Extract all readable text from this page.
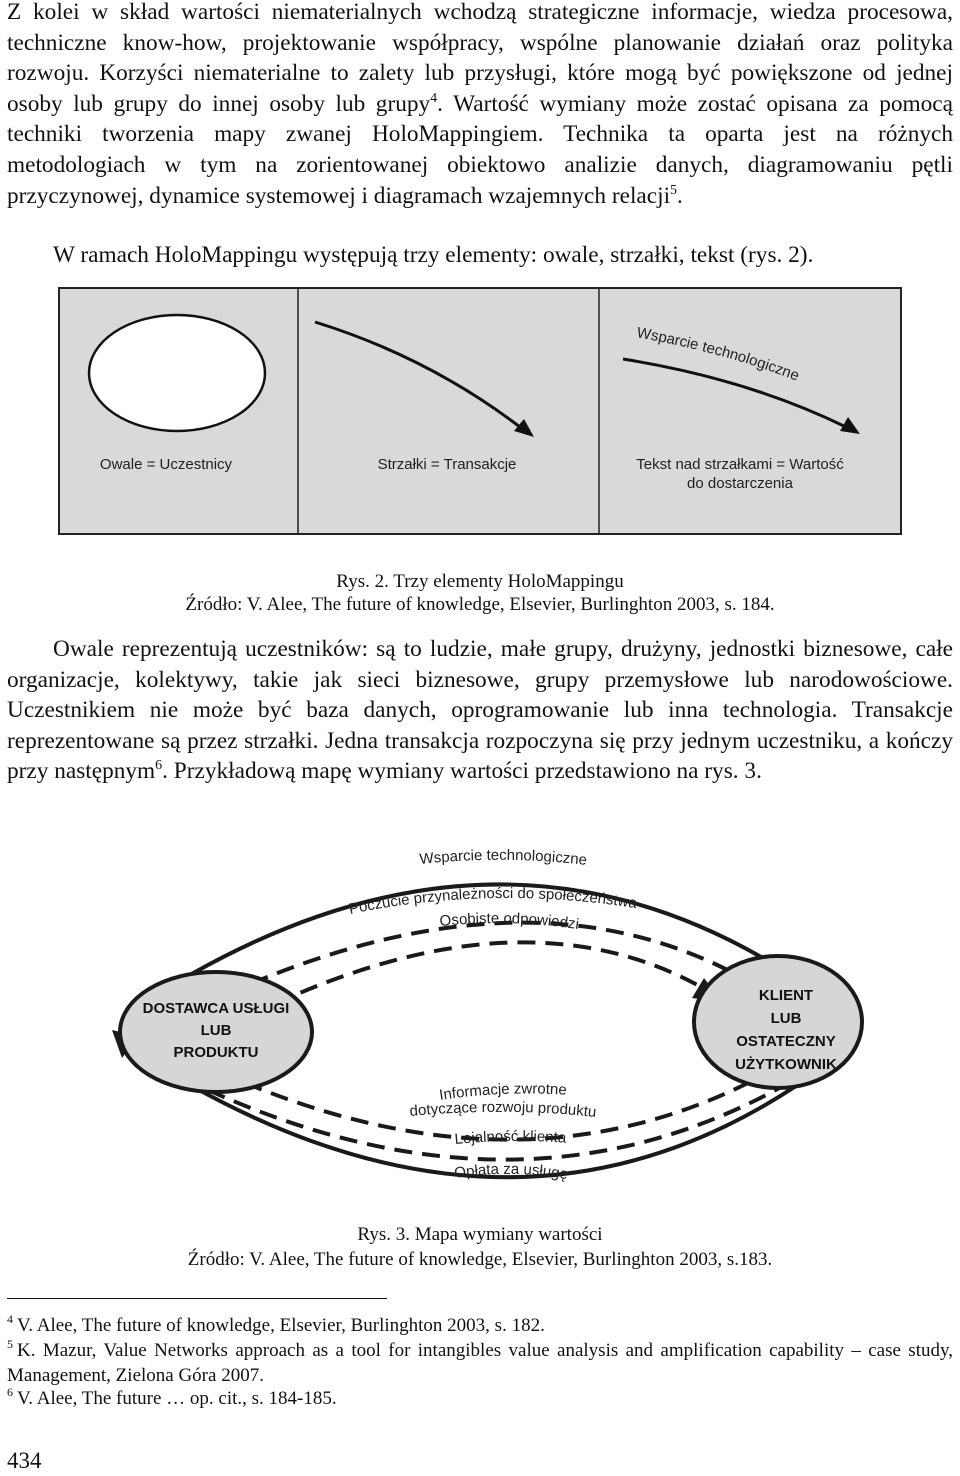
Z kolei w skład wartości niematerialnych wchodzą strategiczne informacje, wiedza procesowa, techniczne know-how, projektowanie współpracy, wspólne planowanie działań oraz polityka rozwoju. Korzyści niematerialne to zalety lub przysługi, które mogą być powiększone od jednej osoby lub grupy do innej osoby lub grupy$^4$. Wartość wymiany może zostać opisana za pomocą techniki tworzenia mapy zwanej HoloMappingiem. Technika ta oparta jest na różnych metodologiach w tym na zorientowanej obiektowo analizie danych, diagramowaniu pętli przyczynowej, dynamice systemowej i diagramach wzajemnych relacji$^5$.

W ramach HoloMappingu występują trzy elementy: owale, strzałki, tekst (rys. 2).

Wsparcie technologiczne
Owale = Uczestnicy	Strzałki = Transakcje	Tekst nad strzałkami = Wartość
do dostarczenia
Rys. 2. Trzy elementy HoloMappingu
Źródło: V. Alee, The future of knowledge, Elsevier, Burlinghton 2003, s. 184.

Owale reprezentują uczestników: są to ludzie, małe grupy, drużyny, jednostki biznesowe, całe organizacje, kolektywy, takie jak sieci biznesowe, grupy przemysłowe lub narodowościowe. Uczestnikiem nie może być baza danych, oprogramowanie lub inna technologia. Transakcje reprezentowane są przez strzałki. Jedna transakcja rozpoczyna się przy jednym uczestniku, a kończy przy następnym$^6$. Przykładową mapę wymiany wartości przedstawiono na rys. 3.

DOSTAWCA USŁUGI
LUB
PRODUKTU
KLIENT
LUB
OSTATECZNY
UŻYTKOWNIK
Wsparcie technologiczne
Poczucie przynależności do społeczeństwa
Osobiste odpowiedzi
Informacje zwrotne
dotyczące rozwoju produktu
Lojalność klienta
Opłata za usługę
Rys. 3. Mapa wymiany wartości
Źródło: V. Alee, The future of knowledge, Elsevier, Burlinghton 2003, s.183.

$^4$ V. Alee, The future of knowledge, Elsevier, Burlinghton 2003, s. 182.

$^5$ K. Mazur, Value Networks approach as a tool for intangibles value analysis and amplification capability – case study, Management, Zielona Góra 2007.

$^6$ V. Alee, The future … op. cit., s. 184-185.

434
